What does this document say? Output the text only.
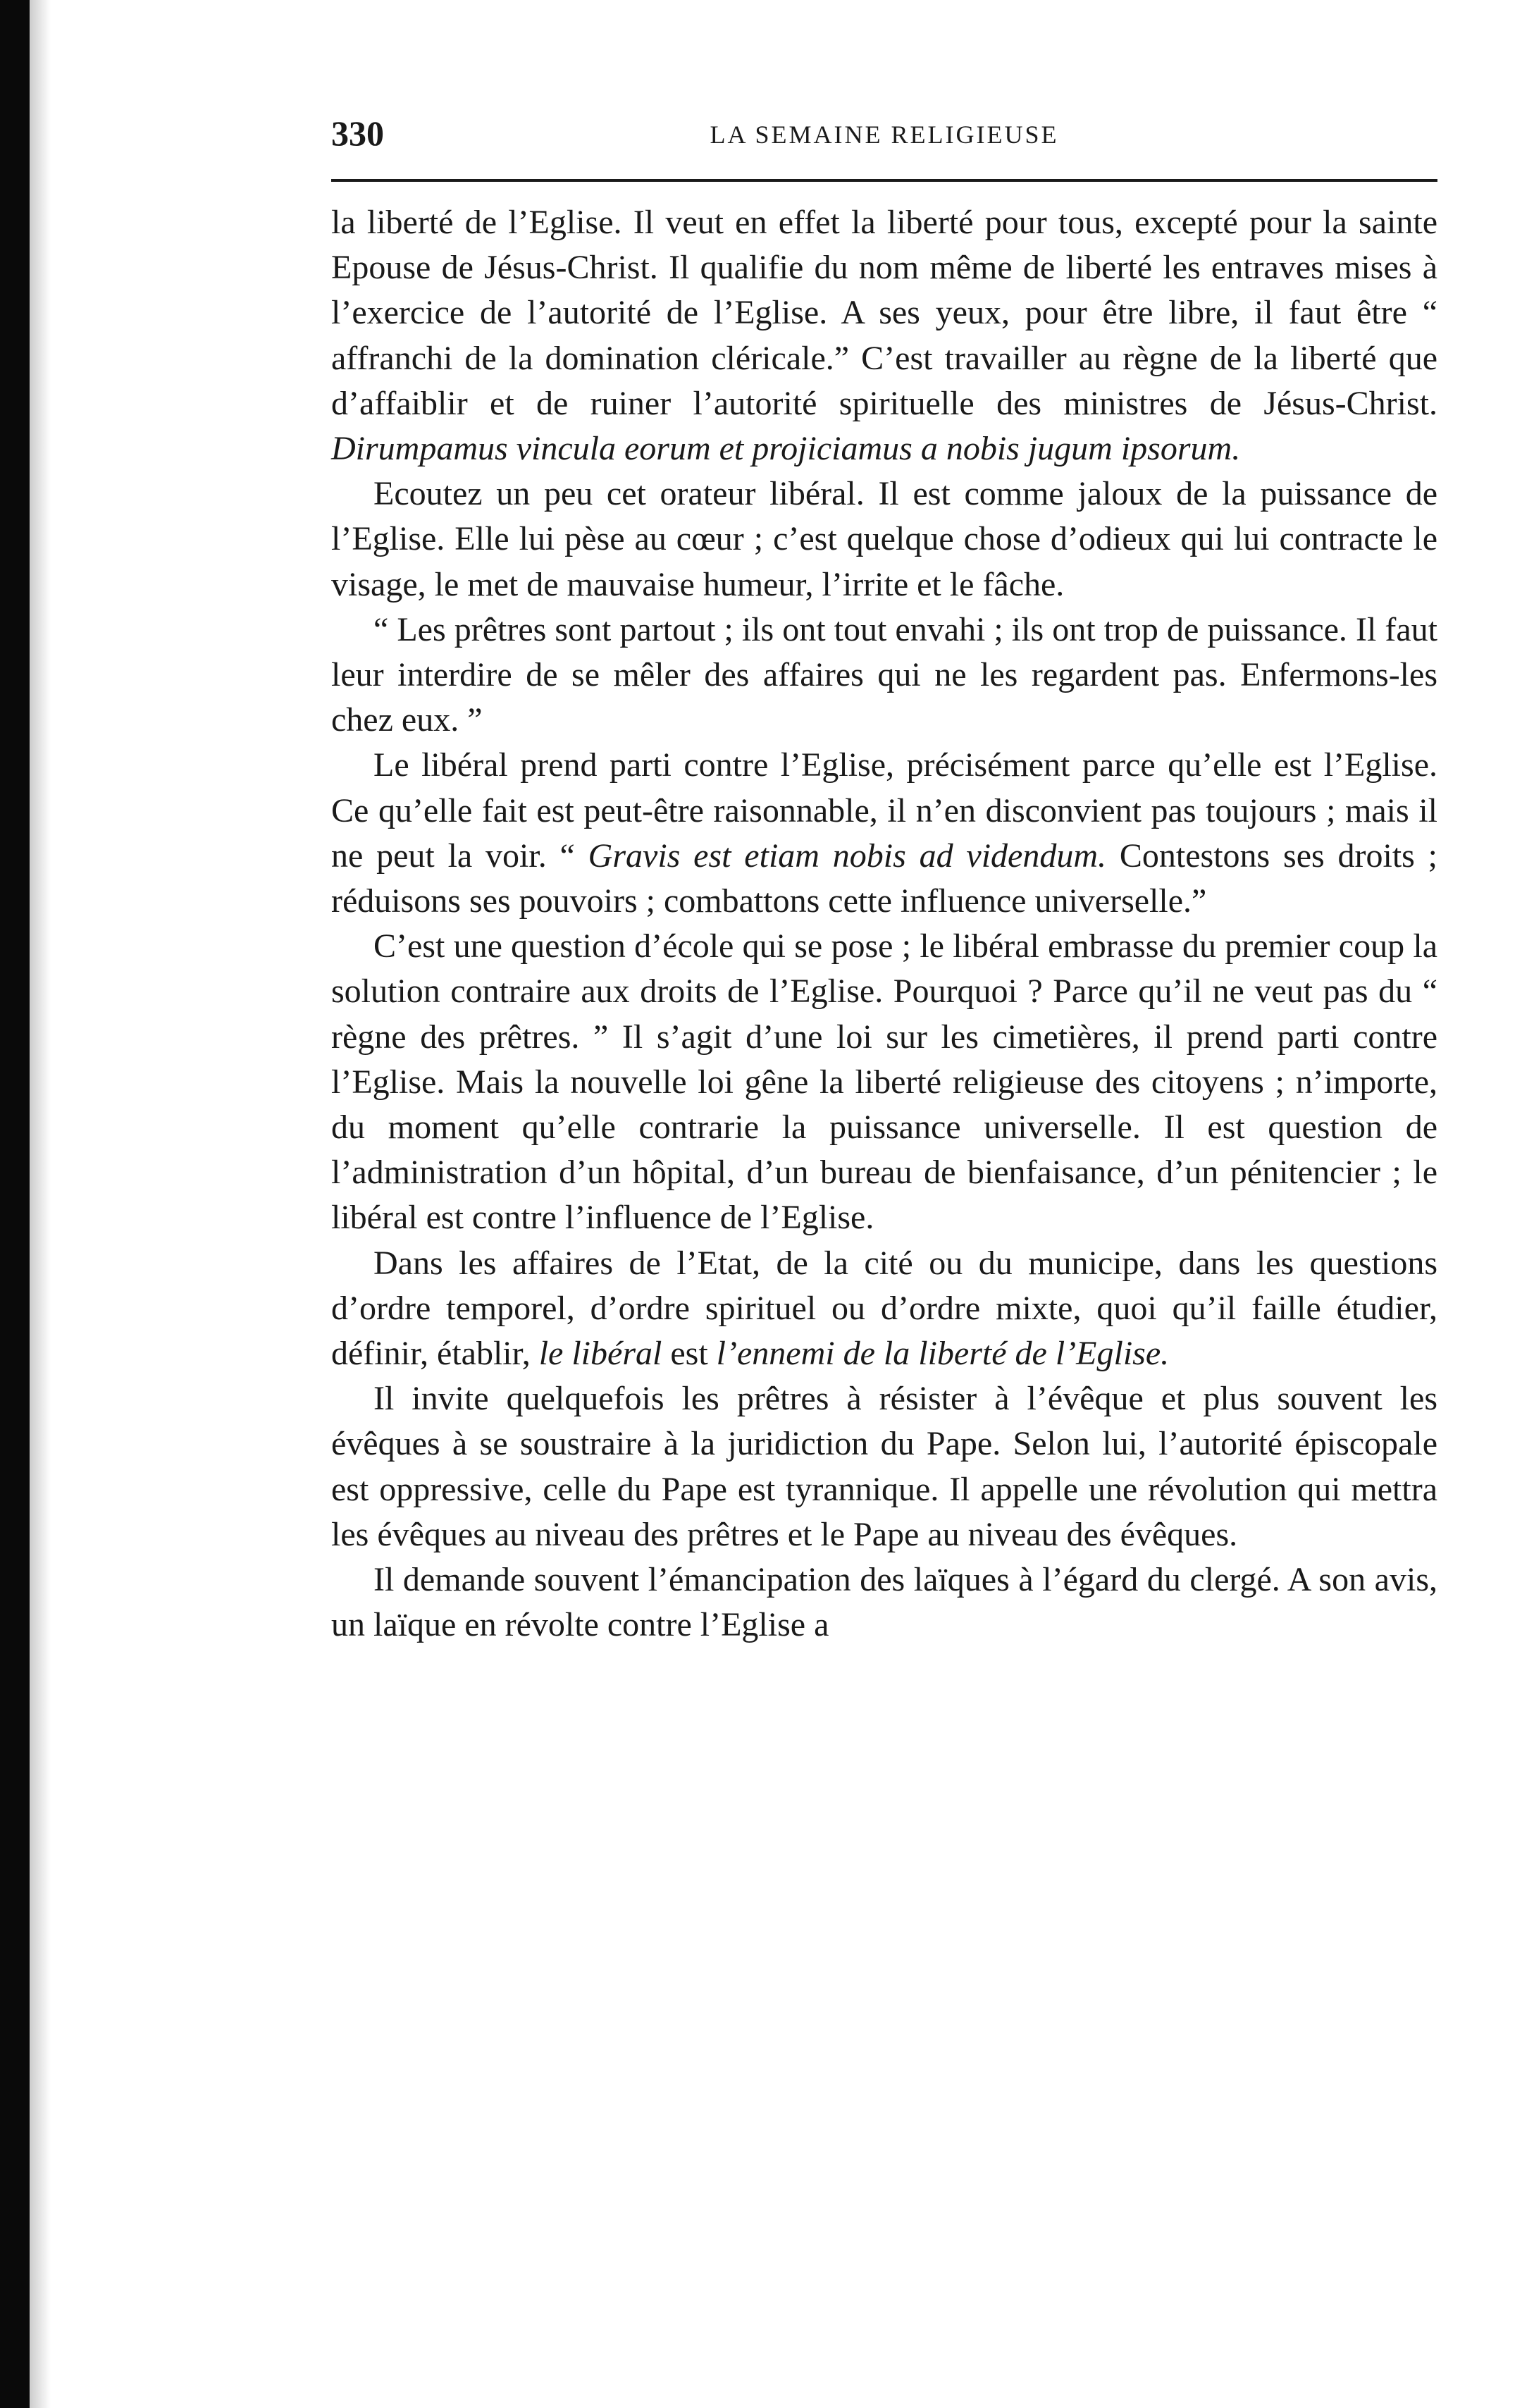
330	LA SEMAINE RELIGIEUSE

la liberté de l’Eglise. Il veut en effet la liberté pour tous, excepté pour la sainte Epouse de Jésus-Christ. Il qualifie du nom même de liberté les entraves mises à l’exercice de l’autorité de l’Eglise. A ses yeux, pour être libre, il faut être “ affranchi de la domination cléricale.” C’est travailler au règne de la liberté que d’affaiblir et de ruiner l’autorité spirituelle des ministres de Jésus-Christ. Dirumpamus vincula eorum et projiciamus a nobis jugum ipsorum.

Ecoutez un peu cet orateur libéral. Il est comme jaloux de la puissance de l’Eglise. Elle lui pèse au cœur ; c’est quelque chose d’odieux qui lui contracte le visage, le met de mauvaise humeur, l’irrite et le fâche.

“ Les prêtres sont partout ; ils ont tout envahi ; ils ont trop de puissance. Il faut leur interdire de se mêler des affaires qui ne les regardent pas. Enfermons-les chez eux. ”

Le libéral prend parti contre l’Eglise, précisément parce qu’elle est l’Eglise. Ce qu’elle fait est peut-être raisonnable, il n’en disconvient pas toujours ; mais il ne peut la voir. “ Gravis est etiam nobis ad videndum. Contestons ses droits ; réduisons ses pouvoirs ; combattons cette influence universelle.”

C’est une question d’école qui se pose ; le libéral embrasse du premier coup la solution contraire aux droits de l’Eglise. Pourquoi ? Parce qu’il ne veut pas du “ règne des prêtres. ” Il s’agit d’une loi sur les cimetières, il prend parti contre l’Eglise. Mais la nouvelle loi gêne la liberté religieuse des citoyens ; n’importe, du moment qu’elle contrarie la puissance universelle. Il est question de l’administration d’un hôpital, d’un bureau de bienfaisance, d’un pénitencier ; le libéral est contre l’influence de l’Eglise.

Dans les affaires de l’Etat, de la cité ou du municipe, dans les questions d’ordre temporel, d’ordre spirituel ou d’ordre mixte, quoi qu’il faille étudier, définir, établir, le libéral est l’ennemi de la liberté de l’Eglise.

Il invite quelquefois les prêtres à résister à l’évêque et plus souvent les évêques à se soustraire à la juridiction du Pape. Selon lui, l’autorité épiscopale est oppressive, celle du Pape est tyrannique. Il appelle une révolution qui mettra les évêques au niveau des prêtres et le Pape au niveau des évêques.

Il demande souvent l’émancipation des laïques à l’égard du clergé. A son avis, un laïque en révolte contre l’Eglise a
